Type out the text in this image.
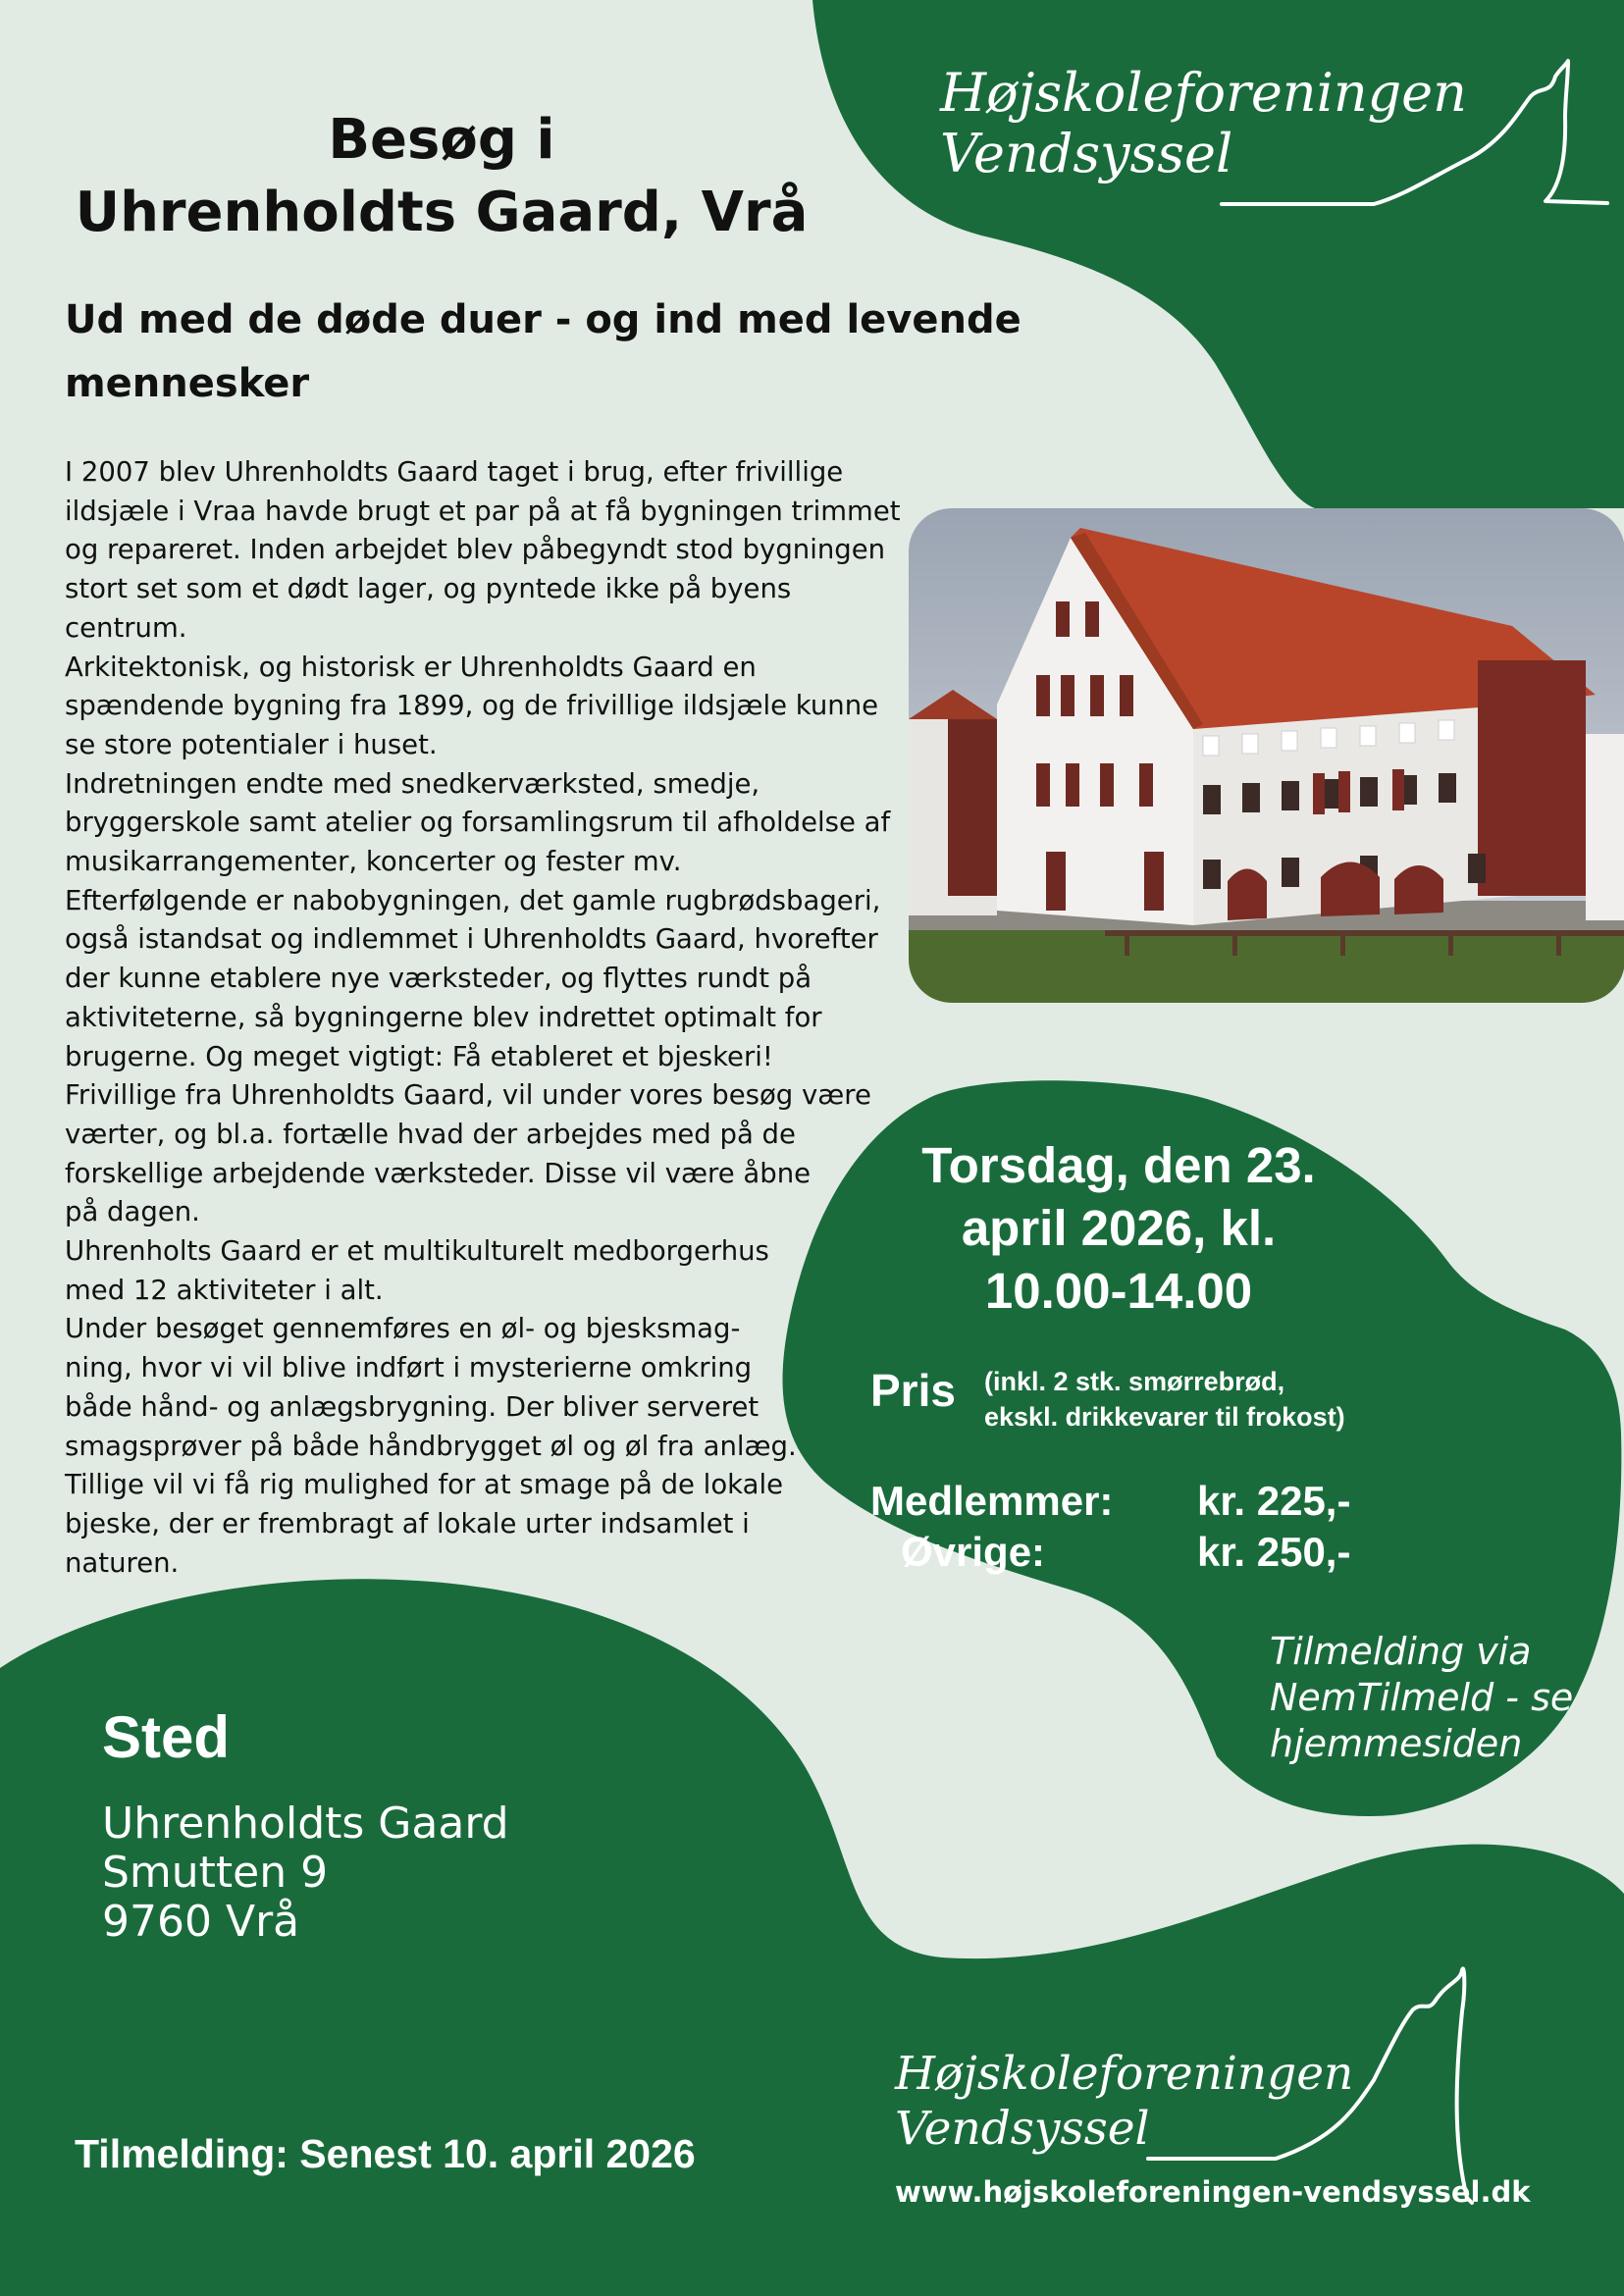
Besøg i
Uhrenholdts Gaard, Vrå
Ud med de døde duer - og ind med levende
mennesker
I 2007 blev Uhrenholdts Gaard taget i brug, efter frivillige
ildsjæle i Vraa havde brugt et par på at få bygningen trimmet
og repareret. Inden arbejdet blev påbegyndt stod bygningen
stort set som et dødt lager, og pyntede ikke på byens
centrum.
Arkitektonisk, og historisk er Uhrenholdts Gaard en
spændende bygning fra 1899, og de frivillige ildsjæle kunne
se store potentialer i huset.
Indretningen endte med snedkerværksted, smedje,
bryggerskole samt atelier og forsamlingsrum til afholdelse af
musikarrangementer, koncerter og fester mv.
Efterfølgende er nabobygningen, det gamle rugbrødsbageri,
også istandsat og indlemmet i Uhrenholdts Gaard, hvorefter
der kunne etablere nye værksteder, og flyttes rundt på
aktiviteterne, så bygningerne blev indrettet optimalt for
brugerne. Og meget vigtigt: Få etableret et bjeskeri!
Frivillige fra Uhrenholdts Gaard, vil under vores besøg være
værter, og bl.a. fortælle hvad der arbejdes med på de
forskellige arbejdende værksteder. Disse vil være åbne
på dagen.
Uhrenholts Gaard er et multikulturelt medborgerhus
med 12 aktiviteter i alt.
Under besøget gennemføres en øl- og bjesksmag-
ning, hvor vi vil blive indført i mysterierne omkring
både hånd- og anlægsbrygning. Der bliver serveret
smagsprøver på både håndbrygget øl og øl fra anlæg.
Tillige vil vi få rig mulighed for at smage på de lokale
bjeske, der er frembragt af lokale urter indsamlet i
naturen.
Højskoleforeningen
Vendsyssel
Torsdag, den 23.
april 2026, kl.
10.00-14.00
Pris (inkl. 2 stk. smørrebrød,
ekskl. drikkevarer til frokost)
Medlemmer: kr. 225,-
Øvrige:	kr. 250,-
Tilmelding via
NemTilmeld - se
hjemmesiden
Sted
Uhrenholdts Gaard
Smutten 9
9760 Vrå
Tilmelding: Senest 10. april 2026
Højskoleforeningen
Vendsyssel
www.højskoleforeningen-vendsyssel.dk
